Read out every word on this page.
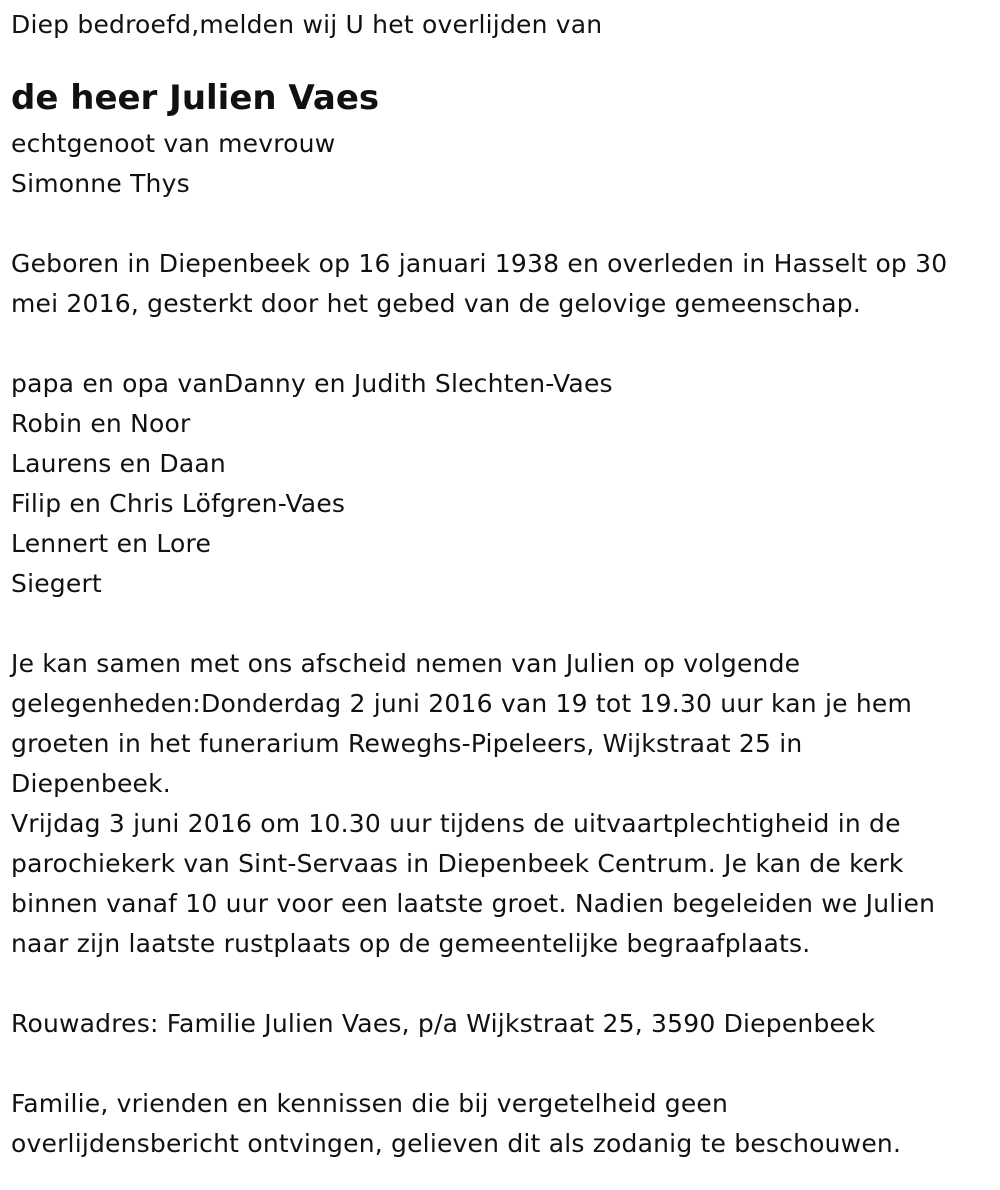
Diep bedroefd,melden wij U het overlijden van
de heer Julien Vaes
echtgenoot van mevrouw
Simonne Thys
Geboren in Diepenbeek op 16 januari 1938 en overleden in Hasselt op 30
mei 2016, gesterkt door het gebed van de gelovige gemeenschap.
papa en opa vanDanny en Judith Slechten-Vaes
Robin en Noor
Laurens en Daan
Filip en Chris Löfgren-Vaes
Lennert en Lore
Siegert
Je kan samen met ons afscheid nemen van Julien op volgende
gelegenheden:Donderdag 2 juni 2016 van 19 tot 19.30 uur kan je hem
groeten in het funerarium Reweghs-Pipeleers, Wijkstraat 25 in
Diepenbeek.
Vrijdag 3 juni 2016 om 10.30 uur tijdens de uitvaartplechtigheid in de
parochiekerk van Sint-Servaas in Diepenbeek Centrum. Je kan de kerk
binnen vanaf 10 uur voor een laatste groet. Nadien begeleiden we Julien
naar zijn laatste rustplaats op de gemeentelijke begraafplaats.
Rouwadres: Familie Julien Vaes, p/a Wijkstraat 25, 3590 Diepenbeek
Familie, vrienden en kennissen die bij vergetelheid geen
overlijdensbericht ontvingen, gelieven dit als zodanig te beschouwen.
